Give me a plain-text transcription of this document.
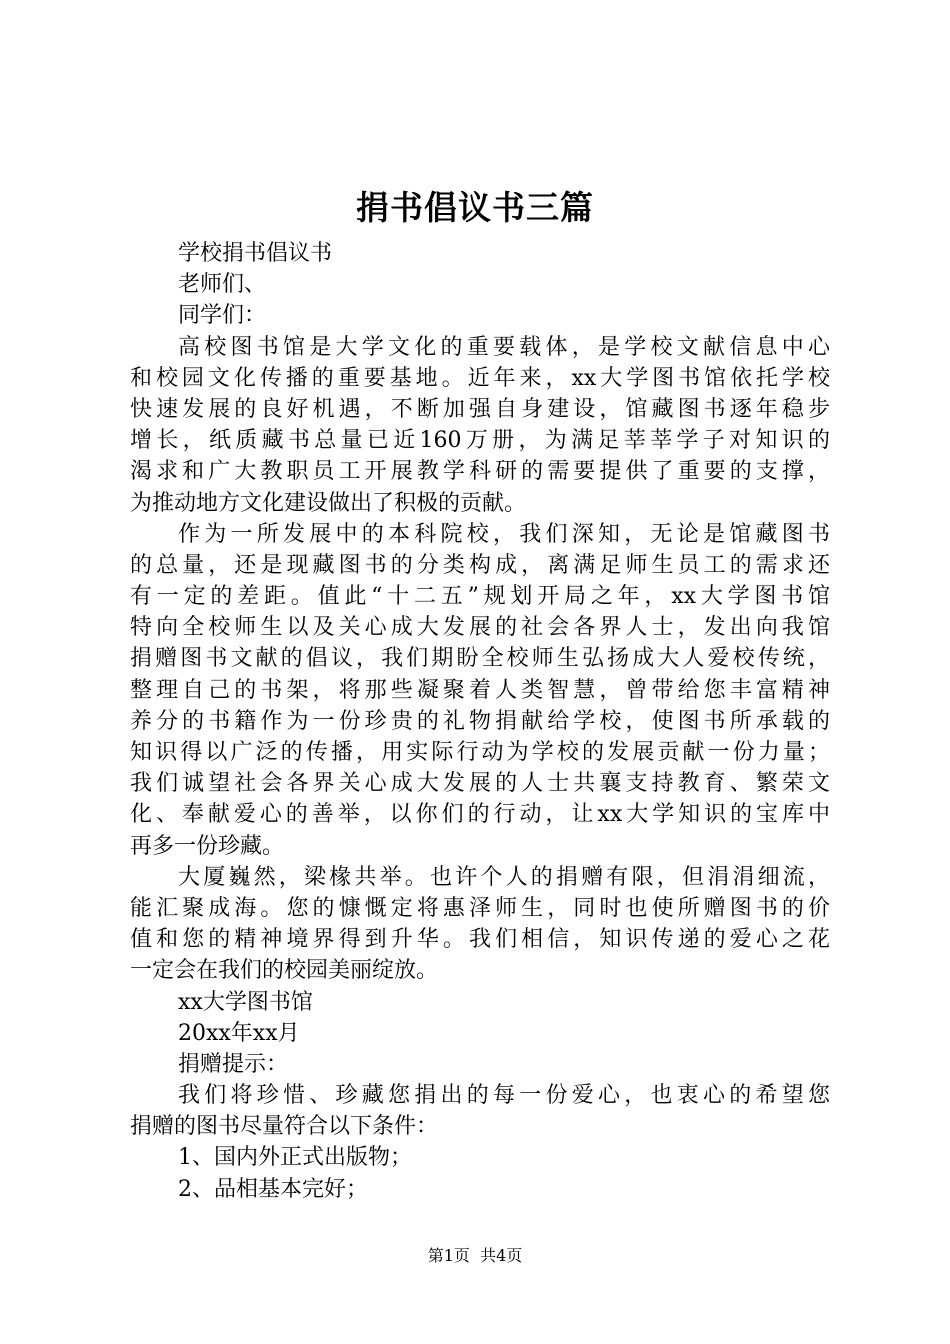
捐书倡议书三篇
学校捐书倡议书
老师们、
同学们：
高校图书馆是大学文化的重要载体，是学校文献信息中心
和校园文化传播的重要基地。近年来，xx大学图书馆依托学校
快速发展的良好机遇，不断加强自身建设，馆藏图书逐年稳步
增长，纸质藏书总量已近160万册，为满足莘莘学子对知识的
渴求和广大教职员工开展教学科研的需要提供了重要的支撑，
为推动地方文化建设做出了积极的贡献。
作为一所发展中的本科院校，我们深知，无论是馆藏图书
的总量，还是现藏图书的分类构成，离满足师生员工的需求还
有一定的差距。值此“十二五”规划开局之年，xx大学图书馆
特向全校师生以及关心成大发展的社会各界人士，发出向我馆
捐赠图书文献的倡议，我们期盼全校师生弘扬成大人爱校传统，
整理自己的书架，将那些凝聚着人类智慧，曾带给您丰富精神
养分的书籍作为一份珍贵的礼物捐献给学校，使图书所承载的
知识得以广泛的传播，用实际行动为学校的发展贡献一份力量；
我们诚望社会各界关心成大发展的人士共襄支持教育、繁荣文
化、奉献爱心的善举，以你们的行动，让xx大学知识的宝库中
再多一份珍藏。
大厦巍然，梁椽共举。也许个人的捐赠有限，但涓涓细流，
能汇聚成海。您的慷慨定将惠泽师生，同时也使所赠图书的价
值和您的精神境界得到升华。我们相信，知识传递的爱心之花
一定会在我们的校园美丽绽放。
xx大学图书馆
20xx年xx月
捐赠提示：
我们将珍惜、珍藏您捐出的每一份爱心，也衷心的希望您
捐赠的图书尽量符合以下条件：
1、国内外正式出版物；
2、品相基本完好；
第1页 共4页
